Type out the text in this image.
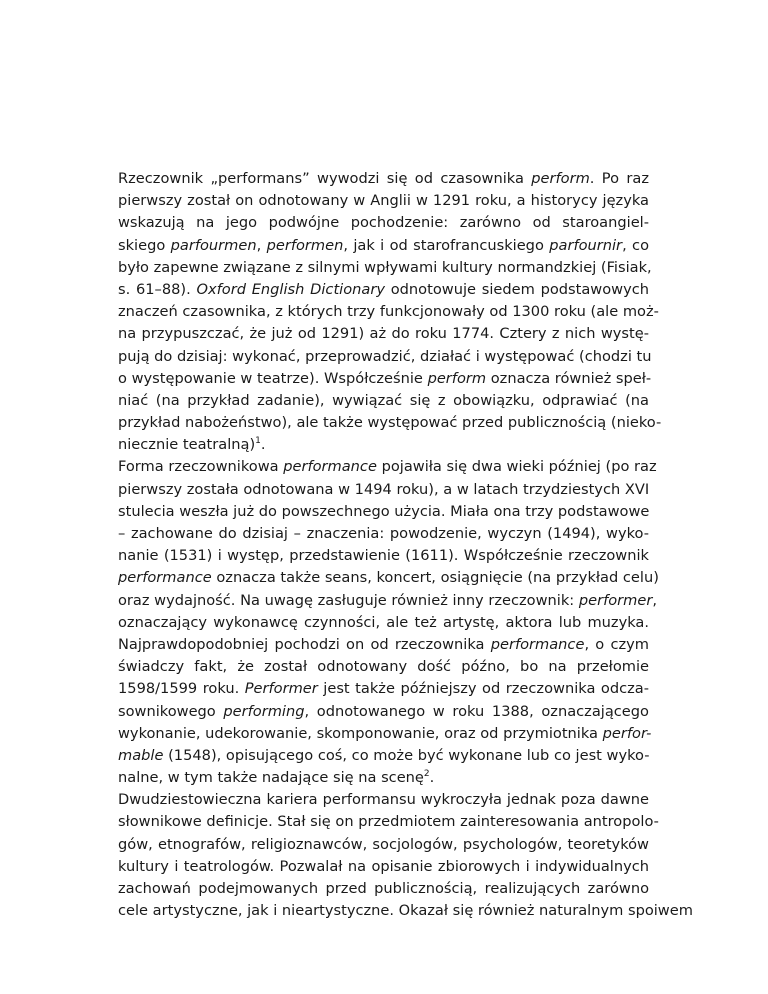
Rzeczownik „performans” wywodzi się od czasownika perform. Po raz
pierwszy został on odnotowany w Anglii w 1291 roku, a historycy języka
wskazują na jego podwójne pochodzenie: zarówno od staroangiel-
skiego parfourmen, performen, jak i od starofrancuskiego parfournir, co
było zapewne związane z silnymi wpływami kultury normandzkiej (Fisiak,
s. 61–88). Oxford English Dictionary odnotowuje siedem podstawowych
znaczeń czasownika, z których trzy funkcjonowały od 1300 roku (ale moż-
na przypuszczać, że już od 1291) aż do roku 1774. Cztery z nich wystę-
pują do dzisiaj: wykonać, przeprowadzić, działać i występować (chodzi tu
o występowanie w teatrze). Współcześnie perform oznacza również speł-
niać (na przykład zadanie), wywiązać się z obowiązku, odprawiać (na
przykład nabożeństwo), ale także występować przed publicznością (nieko-
niecznie teatralną)$^1$.
Forma rzeczownikowa performance pojawiła się dwa wieki później (po raz
pierwszy została odnotowana w 1494 roku), a w latach trzydziestych XVI
stulecia weszła już do powszechnego użycia. Miała ona trzy podstawowe
– zachowane do dzisiaj – znaczenia: powodzenie, wyczyn (1494), wyko-
nanie (1531) i występ, przedstawienie (1611). Współcześnie rzeczownik
performance oznacza także seans, koncert, osiągnięcie (na przykład celu)
oraz wydajność. Na uwagę zasługuje również inny rzeczownik: performer,
oznaczający wykonawcę czynności, ale też artystę, aktora lub muzyka.
Najprawdopodobniej pochodzi on od rzeczownika performance, o czym
świadczy fakt, że został odnotowany dość późno, bo na przełomie
1598/1599 roku. Performer jest także późniejszy od rzeczownika odcza-
sownikowego performing, odnotowanego w roku 1388, oznaczającego
wykonanie, udekorowanie, skomponowanie, oraz od przymiotnika perfor-
mable (1548), opisującego coś, co może być wykonane lub co jest wyko-
nalne, w tym także nadające się na scenę$^2$.
Dwudziestowieczna kariera performansu wykroczyła jednak poza dawne
słownikowe definicje. Stał się on przedmiotem zainteresowania antropolo-
gów, etnografów, religioznawców, socjologów, psychologów, teoretyków
kultury i teatrologów. Pozwalał na opisanie zbiorowych i indywidualnych
zachowań podejmowanych przed publicznością, realizujących zarówno
cele artystyczne, jak i nieartystyczne. Okazał się również naturalnym spoiwem
